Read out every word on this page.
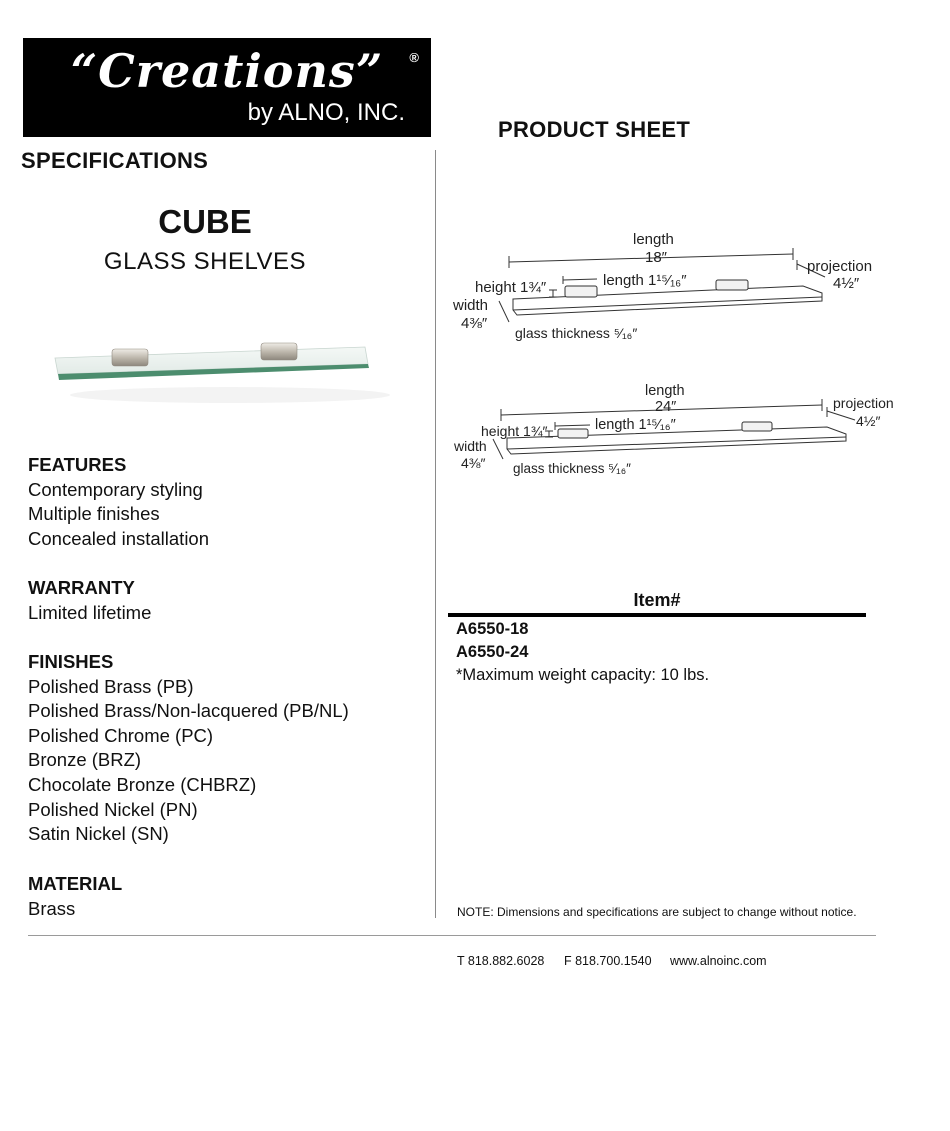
“Creations”	®
by ALNO, INC.
PRODUCT SHEET
SPECIFICATIONS
CUBE
GLASS SHELVES
FEATURES
Contemporary styling
Multiple finishes
Concealed installation
WARRANTY
Limited lifetime
FINISHES
Polished Brass (PB)
Polished Brass/Non-lacquered (PB/NL)
Polished Chrome (PC)
Bronze (BRZ)
Chocolate Bronze (CHBRZ)
Polished Nickel (PN)
Satin Nickel (SN)
MATERIAL
Brass
length
18″
height 1¾″	length 1¹⁵⁄₁₆″
width
4⅜″
glass thickness ⁵⁄₁₆″
projection
4½″
length
24″
height 1¾″	length 1¹⁵⁄₁₆″
width
4⅜″ glass thickness ⁵⁄₁₆″
projection
4½″
Item#
A6550-18
A6550-24
*Maximum weight capacity: 10 lbs.
NOTE: Dimensions and specifications are subject to change without notice.
T 818.882.6028 F 818.700.1540 www.alnoinc.com
